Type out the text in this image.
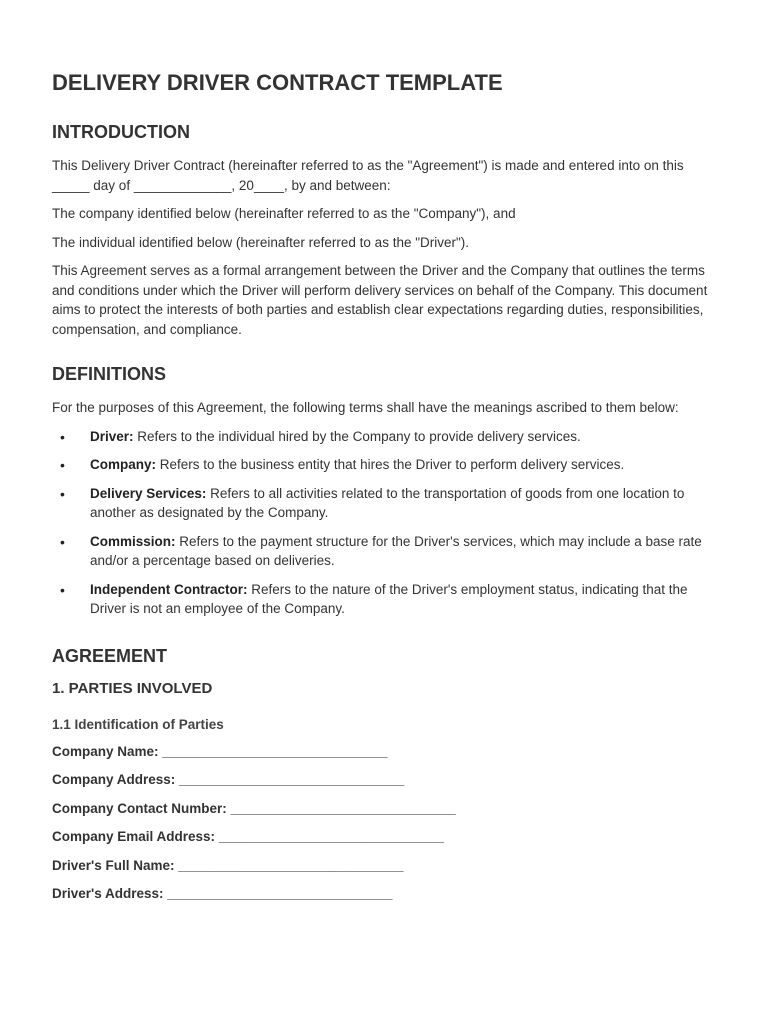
DELIVERY DRIVER CONTRACT TEMPLATE
INTRODUCTION

This Delivery Driver Contract (hereinafter referred to as the "Agreement") is made and entered into on this _____ day of _____________, 20____, by and between:

The company identified below (hereinafter referred to as the "Company"), and

The individual identified below (hereinafter referred to as the "Driver").

This Agreement serves as a formal arrangement between the Driver and the Company that outlines the terms and conditions under which the Driver will perform delivery services on behalf of the Company. This document aims to protect the interests of both parties and establish clear expectations regarding duties, responsibilities, compensation, and compliance.

DEFINITIONS

For the purposes of this Agreement, the following terms shall have the meanings ascribed to them below:

• Driver: Refers to the individual hired by the Company to provide delivery services.
• Company: Refers to the business entity that hires the Driver to perform delivery services.
• Delivery Services: Refers to all activities related to the transportation of goods from one location to another as designated by the Company.
• Commission: Refers to the payment structure for the Driver's services, which may include a base rate and/or a percentage based on deliveries.
• Independent Contractor: Refers to the nature of the Driver's employment status, indicating that the Driver is not an employee of the Company.
AGREEMENT
1. PARTIES INVOLVED
1.1 Identification of Parties
Company Name: ______________________________
Company Address: ______________________________
Company Contact Number: ______________________________
Company Email Address: ______________________________
Driver's Full Name: ______________________________
Driver's Address: ______________________________
